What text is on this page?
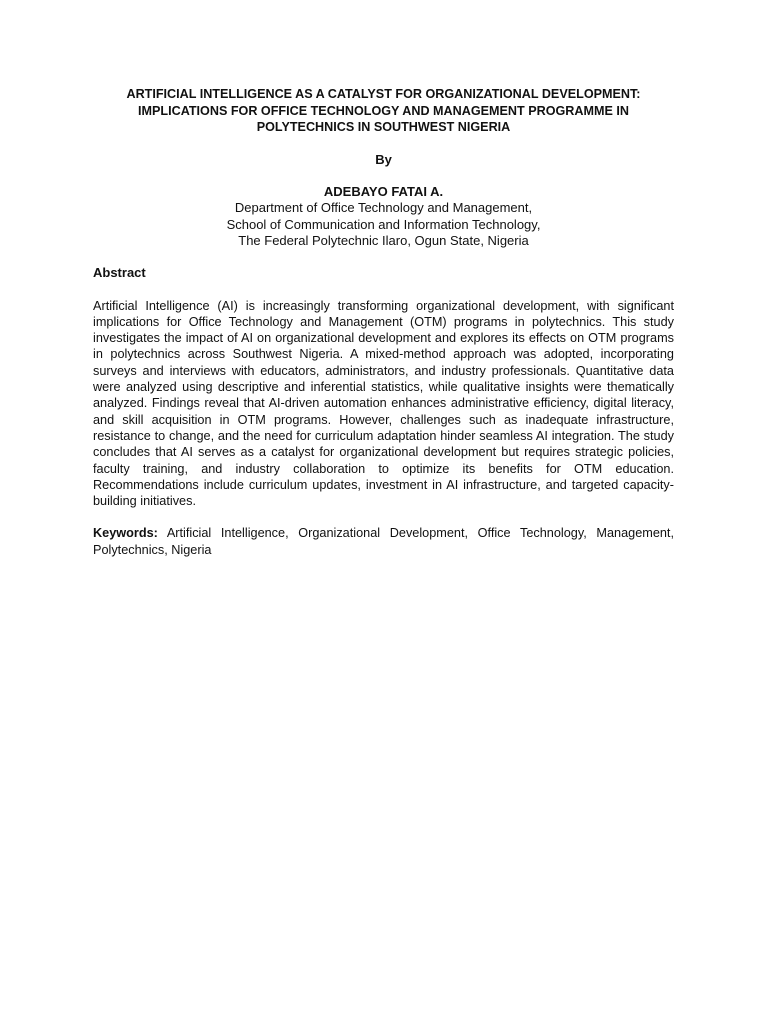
ARTIFICIAL INTELLIGENCE AS A CATALYST FOR ORGANIZATIONAL DEVELOPMENT: IMPLICATIONS FOR OFFICE TECHNOLOGY AND MANAGEMENT PROGRAMME IN POLYTECHNICS IN SOUTHWEST NIGERIA
By
ADEBAYO FATAI A.
Department of Office Technology and Management,
School of Communication and Information Technology,
The Federal Polytechnic Ilaro, Ogun State, Nigeria
Abstract

Artificial Intelligence (AI) is increasingly transforming organizational development, with significant implications for Office Technology and Management (OTM) programs in polytechnics. This study investigates the impact of AI on organizational development and explores its effects on OTM programs in polytechnics across Southwest Nigeria. A mixed-method approach was adopted, incorporating surveys and interviews with educators, administrators, and industry professionals. Quantitative data were analyzed using descriptive and inferential statistics, while qualitative insights were thematically analyzed. Findings reveal that AI-driven automation enhances administrative efficiency, digital literacy, and skill acquisition in OTM programs. However, challenges such as inadequate infrastructure, resistance to change, and the need for curriculum adaptation hinder seamless AI integration. The study concludes that AI serves as a catalyst for organizational development but requires strategic policies, faculty training, and industry collaboration to optimize its benefits for OTM education. Recommendations include curriculum updates, investment in AI infrastructure, and targeted capacity-building initiatives.

Keywords: Artificial Intelligence, Organizational Development, Office Technology, Management, Polytechnics, Nigeria
